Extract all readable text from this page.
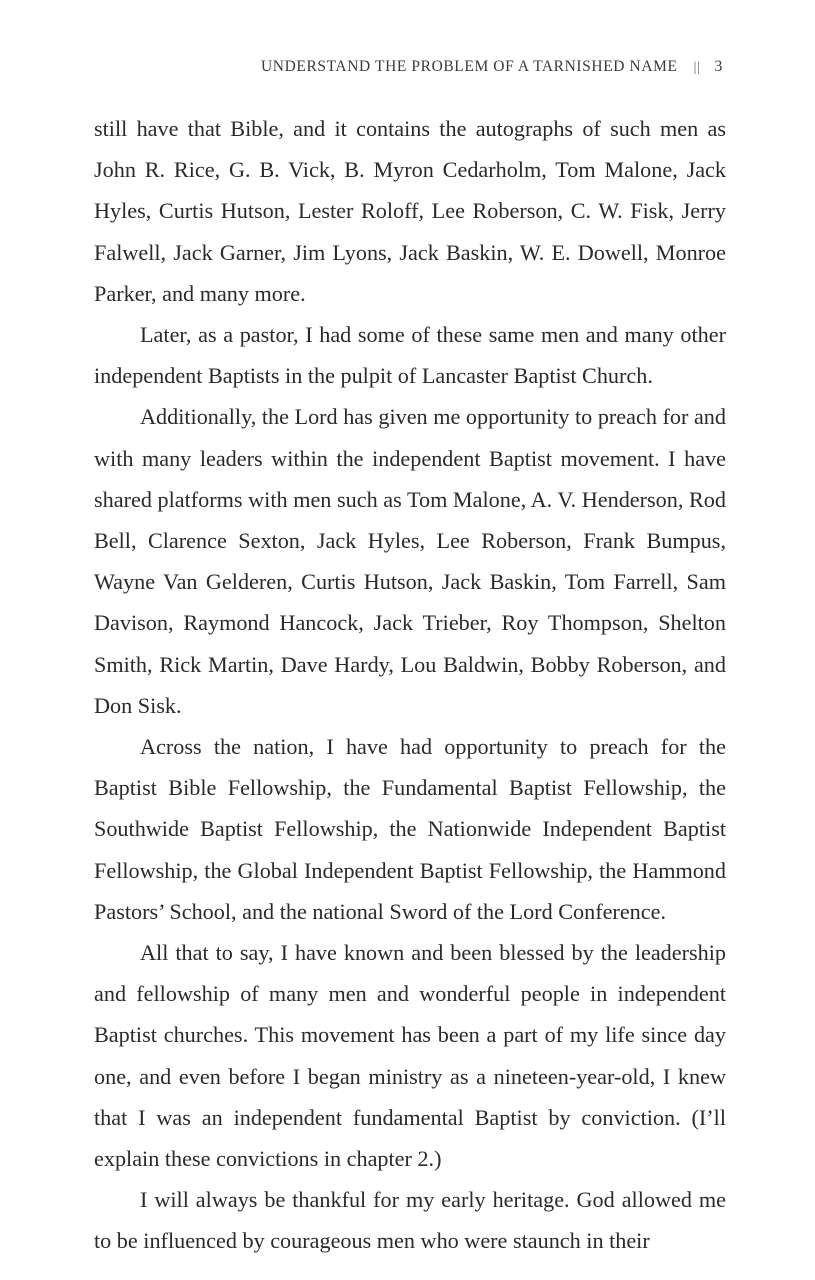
UNDERSTAND THE PROBLEM OF A TARNISHED NAME || 3

still have that Bible, and it contains the autographs of such men as John R. Rice, G. B. Vick, B. Myron Cedarholm, Tom Malone, Jack Hyles, Curtis Hutson, Lester Roloff, Lee Roberson, C. W. Fisk, Jerry Falwell, Jack Garner, Jim Lyons, Jack Baskin, W. E. Dowell, Monroe Parker, and many more.

Later, as a pastor, I had some of these same men and many other independent Baptists in the pulpit of Lancaster Baptist Church.

Additionally, the Lord has given me opportunity to preach for and with many leaders within the independent Baptist movement. I have shared platforms with men such as Tom Malone, A. V. Henderson, Rod Bell, Clarence Sexton, Jack Hyles, Lee Roberson, Frank Bumpus, Wayne Van Gelderen, Curtis Hutson, Jack Baskin, Tom Farrell, Sam Davison, Raymond Hancock, Jack Trieber, Roy Thompson, Shelton Smith, Rick Martin, Dave Hardy, Lou Baldwin, Bobby Roberson, and Don Sisk.

Across the nation, I have had opportunity to preach for the Baptist Bible Fellowship, the Fundamental Baptist Fellowship, the Southwide Baptist Fellowship, the Nationwide Independent Baptist Fellowship, the Global Independent Baptist Fellowship, the Hammond Pastors’ School, and the national Sword of the Lord Conference.

All that to say, I have known and been blessed by the leadership and fellowship of many men and wonderful people in independent Baptist churches. This movement has been a part of my life since day one, and even before I began ministry as a nineteen-year-old, I knew that I was an independent fundamental Baptist by conviction. (I’ll explain these convictions in chapter 2.)

I will always be thankful for my early heritage. God allowed me to be influenced by courageous men who were staunch in their
